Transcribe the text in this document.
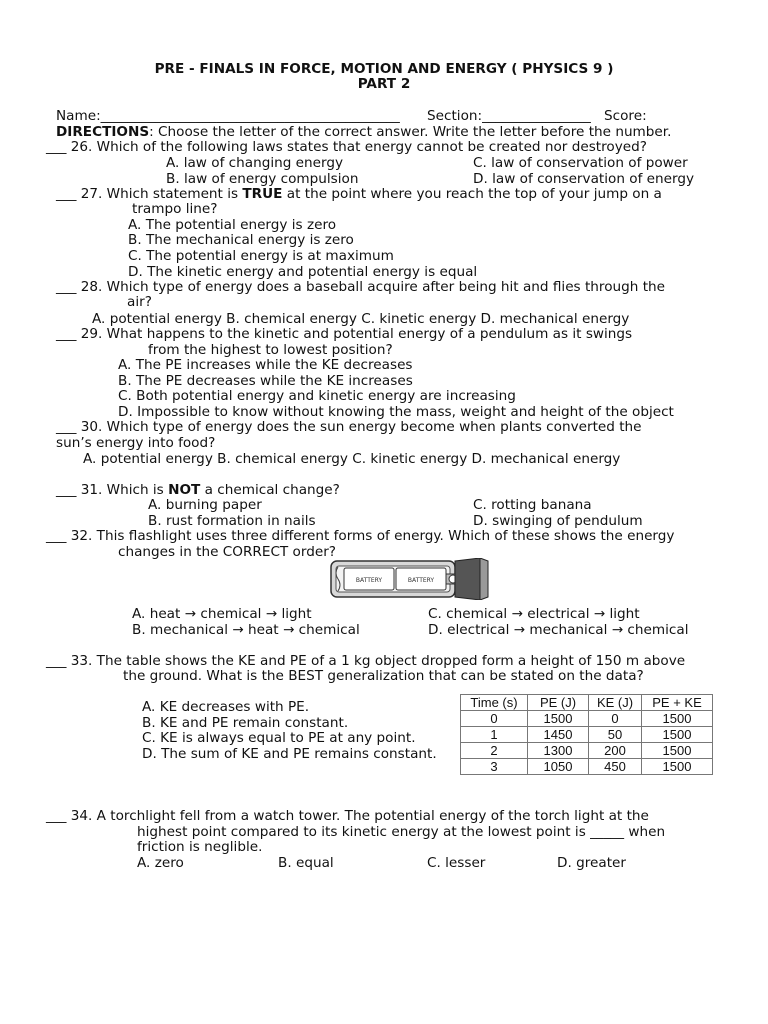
PRE - FINALS IN FORCE, MOTION AND ENERGY ( PHYSICS 9 )
PART 2
Name:____________________________________________ Section:________________ Score:
DIRECTIONS: Choose the letter of the correct answer. Write the letter before the number.
___ 26. Which of the following laws states that energy cannot be created nor destroyed?
A. law of changing energy	C. law of conservation of power
B. law of energy compulsion	D. law of conservation of energy
___ 27. Which statement is TRUE at the point where you reach the top of your jump on a
trampo line?
A. The potential energy is zero
B. The mechanical energy is zero
C. The potential energy is at maximum
D. The kinetic energy and potential energy is equal
___ 28. Which type of energy does a baseball acquire after being hit and flies through the
air?
A. potential energy B. chemical energy C. kinetic energy D. mechanical energy
___ 29. What happens to the kinetic and potential energy of a pendulum as it swings
from the highest to lowest position?
A. The PE increases while the KE decreases
B. The PE decreases while the KE increases
C. Both potential energy and kinetic energy are increasing
D. Impossible to know without knowing the mass, weight and height of the object
___ 30. Which type of energy does the sun energy become when plants converted the
sun’s energy into food?
A. potential energy B. chemical energy C. kinetic energy D. mechanical energy
___ 31. Which is NOT a chemical change?
A. burning paper	C. rotting banana
B. rust formation in nails	D. swinging of pendulum
___ 32. This flashlight uses three different forms of energy. Which of these shows the energy
changes in the CORRECT order?
BATTERY	BATTERY
A. heat → chemical → light	C. chemical → electrical → light
B. mechanical → heat → chemical	D. electrical → mechanical → chemical
___ 33. The table shows the KE and PE of a 1 kg object dropped form a height of 150 m above
the ground. What is the BEST generalization that can be stated on the data?
A. KE decreases with PE.
B. KE and PE remain constant.
C. KE is always equal to PE at any point.
D. The sum of KE and PE remains constant.
Time (s)	PE (J)	KE (J)	PE + KE
0	1500	0	1500
1	1450	50	1500
2	1300	200	1500
3	1050	450	1500
___ 34. A torchlight fell from a watch tower. The potential energy of the torch light at the
highest point compared to its kinetic energy at the lowest point is _____ when
friction is neglible.
A. zero	B. equal	C. lesser	D. greater
